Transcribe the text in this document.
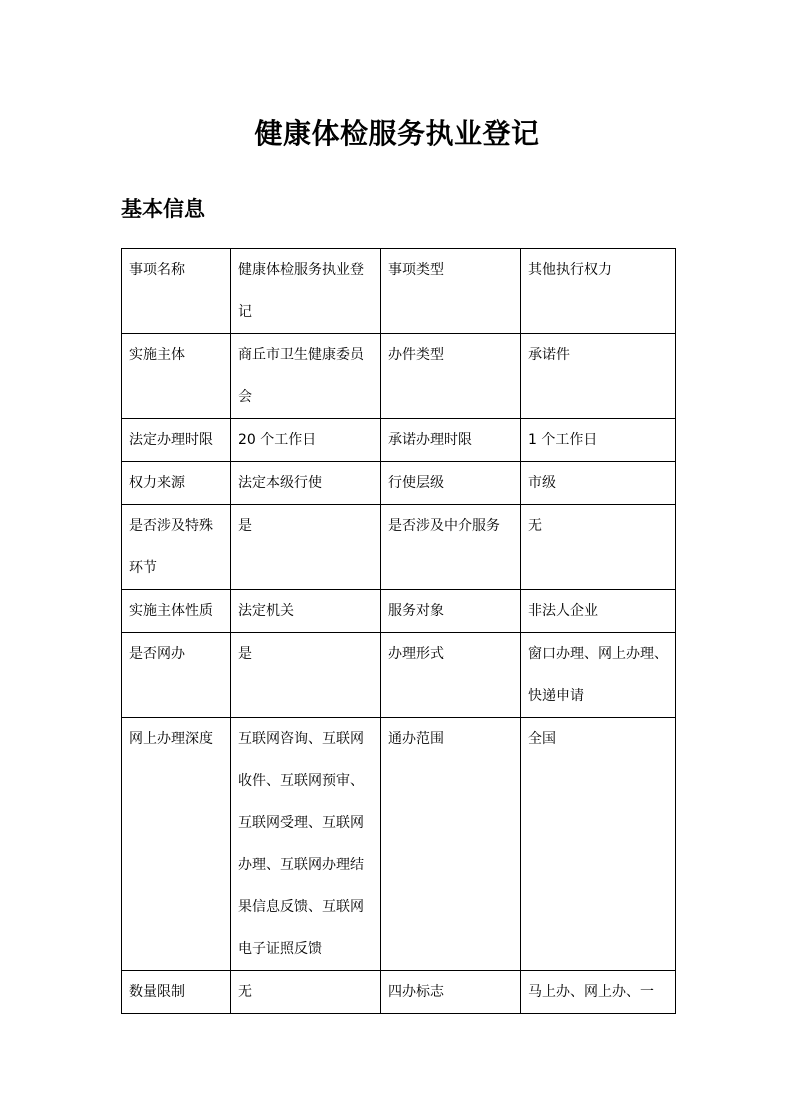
健康体检服务执业登记
基本信息
事项名称	健康体检服务执业登记	事项类型	其他执行权力

实施主体	商丘市卫生健康委员会	办件类型	承诺件

法定办理时限	20 个工作日	承诺办理时限	1 个工作日

权力来源	法定本级行使	行使层级	市级

是否涉及特殊环节	是	是否涉及中介服务	无

实施主体性质	法定机关	服务对象	非法人企业

是否网办	是	办理形式	窗口办理、网上办理、快递申请

网上办理深度	互联网咨询、互联网收件、互联网预审、互联网受理、互联网办理、互联网办理结果信息反馈、互联网电子证照反馈	通办范围	全国

数量限制	无	四办标志	马上办、网上办、一
